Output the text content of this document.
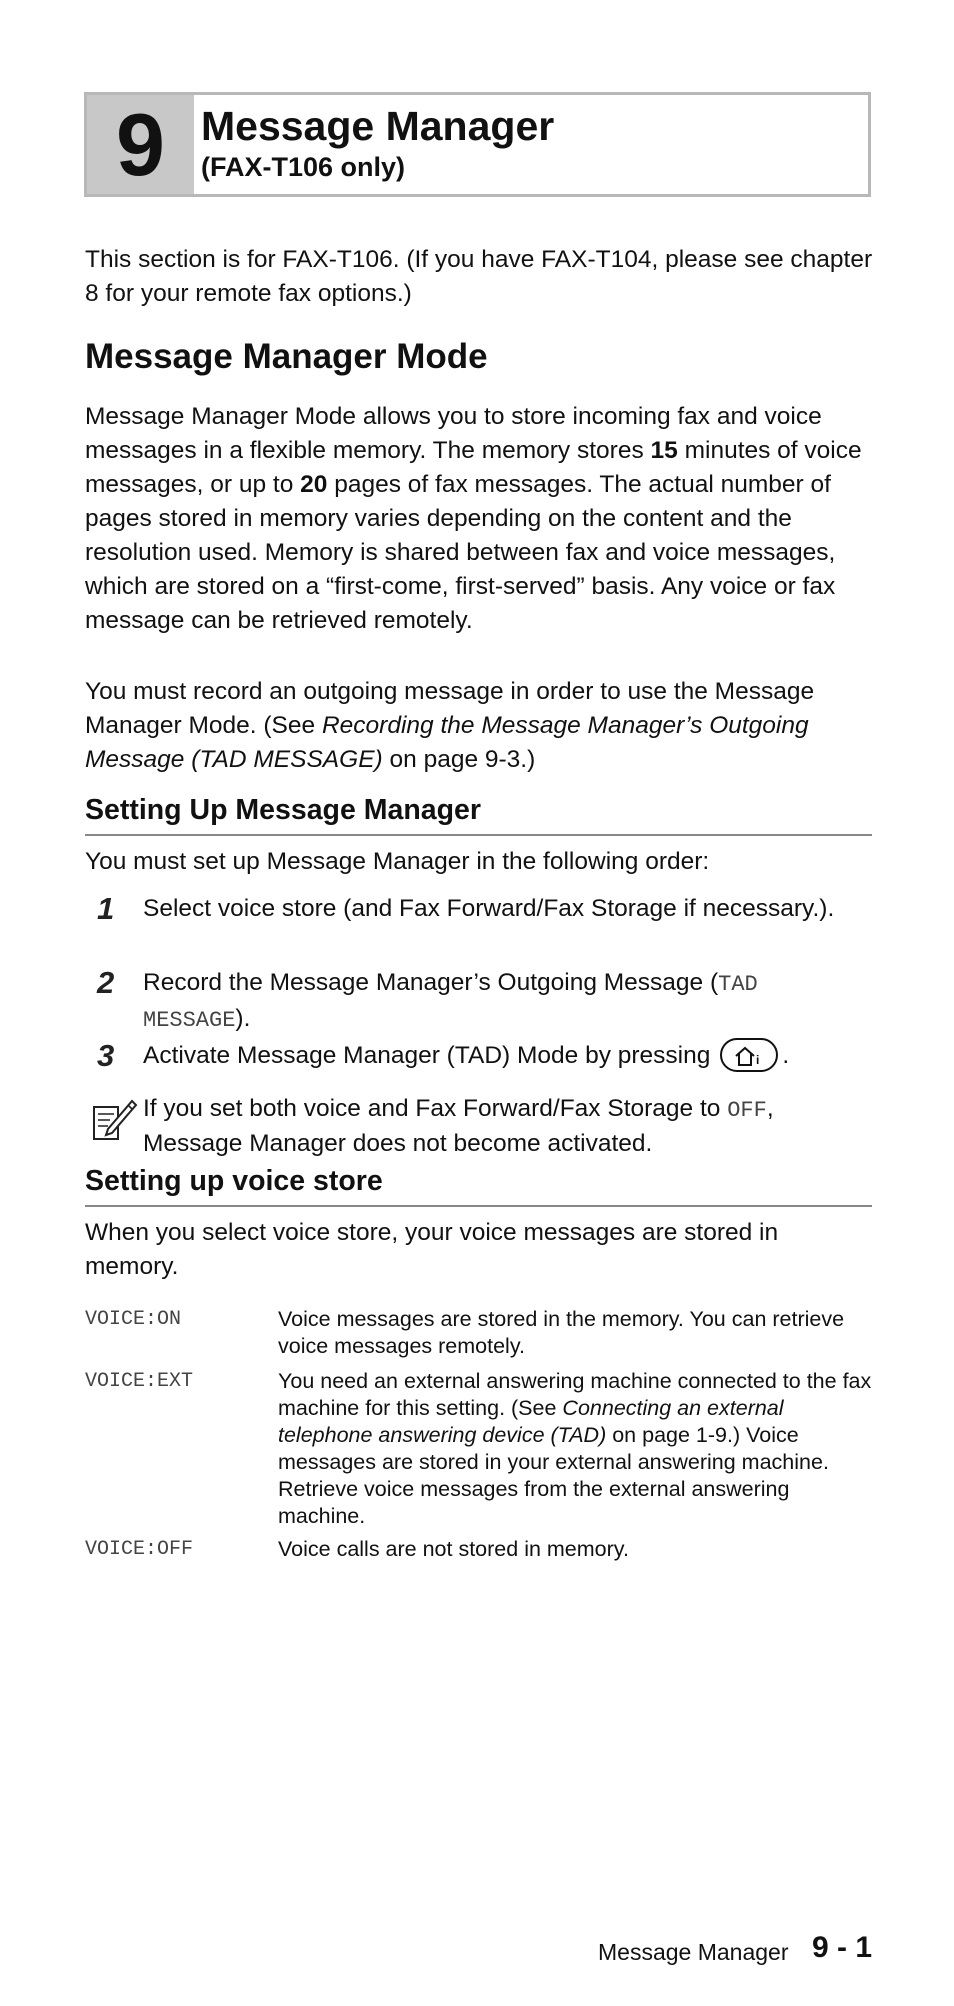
9 Message Manager
(FAX-T106 only)
This section is for FAX-T106. (If you have FAX-T104, please see chapter 8 for your remote fax options.)
Message Manager Mode
Message Manager Mode allows you to store incoming fax and voice messages in a flexible memory. The memory stores 15 minutes of voice messages, or up to 20 pages of fax messages. The actual number of pages stored in memory varies depending on the content and the resolution used. Memory is shared between fax and voice messages, which are stored on a “first-come, first-served” basis. Any voice or fax message can be retrieved remotely.
You must record an outgoing message in order to use the Message Manager Mode. (See Recording the Message Manager’s Outgoing Message (TAD MESSAGE) on page 9-3.)
Setting Up Message Manager
You must set up Message Manager in the following order:
1 Select voice store (and Fax Forward/Fax Storage if necessary.).
2 Record the Message Manager’s Outgoing Message (TAD MESSAGE).
3 Activate Message Manager (TAD) Mode by pressing	i .
If you set both voice and Fax Forward/Fax Storage to OFF, Message Manager does not become activated.
Setting up voice store
When you select voice store, your voice messages are stored in memory.
VOICE:ON	Voice messages are stored in the memory. You can retrieve voice messages remotely.
VOICE:EXT	You need an external answering machine connected to the fax machine for this setting. (See Connecting an external telephone answering device (TAD) on page 1-9.) Voice messages are stored in your external answering machine. Retrieve voice messages from the external answering machine.
VOICE:OFF	Voice calls are not stored in memory.
Message Manager 9 - 1
